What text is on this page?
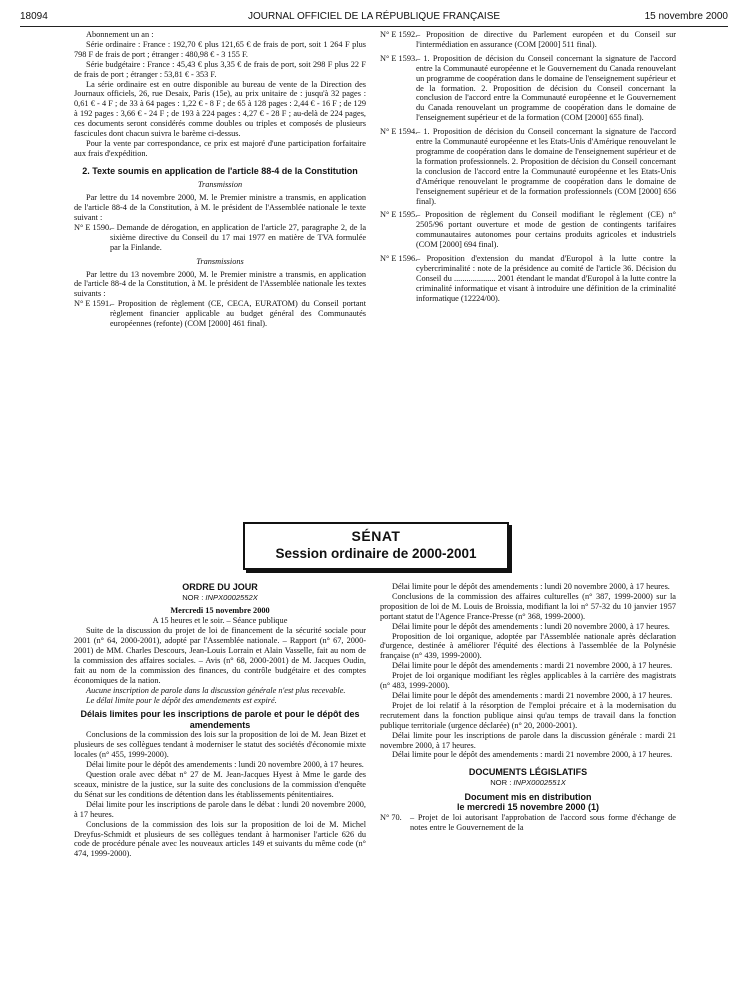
18094	JOURNAL OFFICIEL DE LA RÉPUBLIQUE FRANÇAISE	15 novembre 2000

Abonnement un an :

Série ordinaire : France : 192,70 € plus 121,65 € de frais de port, soit 1 264 F plus 798 F de frais de port ; étranger : 480,98 € - 3 155 F.

Série budgétaire : France : 45,43 € plus 3,35 € de frais de port, soit 298 F plus 22 F de frais de port ; étranger : 53,81 € - 353 F.

La série ordinaire est en outre disponible au bureau de vente de la Direction des Journaux officiels, 26, rue Desaix, Paris (15e), au prix unitaire de : jusqu'à 32 pages : 0,61 € - 4 F ; de 33 à 64 pages : 1,22 € - 8 F ; de 65 à 128 pages : 2,44 € - 16 F ; de 129 à 192 pages : 3,66 € - 24 F ; de 193 à 224 pages : 4,27 € - 28 F ; au-delà de 224 pages, ces documents seront considérés comme doubles ou triples et composés de plusieurs fascicules dont chacun suivra le barème ci-dessus.

Pour la vente par correspondance, ce prix est majoré d'une participation forfaitaire aux frais d'expédition.

2. Texte soumis en application de l'article 88-4 de la Constitution

Transmission

Par lettre du 14 novembre 2000, M. le Premier ministre a transmis, en application de l'article 88-4 de la Constitution, à M. le président de l'Assemblée nationale le texte suivant :

N° E 1590.

– Demande de dérogation, en application de l'article 27, paragraphe 2, de la sixième directive du Conseil du 17 mai 1977 en matière de TVA formulée par la Finlande.

Transmissions

Par lettre du 13 novembre 2000, M. le Premier ministre a transmis, en application de l'article 88-4 de la Constitution, à M. le président de l'Assemblée nationale les textes suivants :

N° E 1591.

– Proposition de règlement (CE, CECA, EURATOM) du Conseil portant règlement financier applicable au budget général des Communautés européennes (refonte) (COM [2000] 461 final).

N° E 1592.

– Proposition de directive du Parlement européen et du Conseil sur l'intermédiation en assurance (COM [2000] 511 final).

N° E 1593.

– 1. Proposition de décision du Conseil concernant la signature de l'accord entre la Communauté européenne et le Gouvernement du Canada renouvelant un programme de coopération dans le domaine de l'enseignement supérieur et de la formation. 2. Proposition de décision du Conseil concernant la conclusion de l'accord entre la Communauté européenne et le Gouvernement du Canada renouvelant un programme de coopération dans le domaine de l'enseignement supérieur et de la formation (COM [2000] 655 final).

N° E 1594.

– 1. Proposition de décision du Conseil concernant la signature de l'accord entre la Communauté européenne et les Etats-Unis d'Amérique renouvelant le programme de coopération dans le domaine de l'enseignement supérieur et de la formation professionnels. 2. Proposition de décision du Conseil concernant la conclusion de l'accord entre la Communauté européenne et les Etats-Unis d'Amérique renouvelant le programme de coopération dans le domaine de l'enseignement supérieur et de la formation professionnels (COM [2000] 656 final).

N° E 1595.

– Proposition de règlement du Conseil modifiant le règlement (CE) n° 2505/96 portant ouverture et mode de gestion de contingents tarifaires communautaires autonomes pour certains produits agricoles et industriels (COM [2000] 694 final).

N° E 1596.

– Proposition d'extension du mandat d'Europol à la lutte contre la cybercriminalité : note de la présidence au comité de l'article 36. Décision du Conseil du .................... 2001 étendant le mandat d'Europol à la lutte contre la criminalité informatique et visant à introduire une définition de la criminalité informatique (12224/00).

SÉNAT
Session ordinaire de 2000-2001

ORDRE DU JOUR

NOR : INPX0002552X

Mercredi 15 novembre 2000

A 15 heures et le soir. – Séance publique

Suite de la discussion du projet de loi de financement de la sécurité sociale pour 2001 (n° 64, 2000-2001), adopté par l'Assemblée nationale. – Rapport (n° 67, 2000-2001) de MM. Charles Descours, Jean-Louis Lorrain et Alain Vasselle, fait au nom de la commission des affaires sociales. – Avis (n° 68, 2000-2001) de M. Jacques Oudin, fait au nom de la commission des finances, du contrôle budgétaire et des comptes économiques de la nation.

Aucune inscription de parole dans la discussion générale n'est plus recevable.

Le délai limite pour le dépôt des amendements est expiré.

Délais limites pour les inscriptions de parole et pour le dépôt des amendements

Conclusions de la commission des lois sur la proposition de loi de M. Jean Bizet et plusieurs de ses collègues tendant à moderniser le statut des sociétés d'économie mixte locales (n° 455, 1999-2000).

Délai limite pour le dépôt des amendements : lundi 20 novembre 2000, à 17 heures.

Question orale avec débat n° 27 de M. Jean-Jacques Hyest à Mme le garde des sceaux, ministre de la justice, sur la suite des conclusions de la commission d'enquête du Sénat sur les conditions de détention dans les établissements pénitentiaires.

Délai limite pour les inscriptions de parole dans le débat : lundi 20 novembre 2000, à 17 heures.

Conclusions de la commission des lois sur la proposition de loi de M. Michel Dreyfus-Schmidt et plusieurs de ses collègues tendant à harmoniser l'article 626 du code de procédure pénale avec les nouveaux articles 149 et suivants du même code (n° 474, 1999-2000).

Délai limite pour le dépôt des amendements : lundi 20 novembre 2000, à 17 heures.

Conclusions de la commission des affaires culturelles (n° 387, 1999-2000) sur la proposition de loi de M. Louis de Broissia, modifiant la loi n° 57-32 du 10 janvier 1957 portant statut de l'Agence France-Presse (n° 368, 1999-2000).

Délai limite pour le dépôt des amendements : lundi 20 novembre 2000, à 17 heures.

Proposition de loi organique, adoptée par l'Assemblée nationale après déclaration d'urgence, destinée à améliorer l'équité des élections à l'assemblée de la Polynésie française (n° 439, 1999-2000).

Délai limite pour le dépôt des amendements : mardi 21 novembre 2000, à 17 heures.

Projet de loi organique modifiant les règles applicables à la carrière des magistrats (n° 483, 1999-2000).

Délai limite pour le dépôt des amendements : mardi 21 novembre 2000, à 17 heures.

Projet de loi relatif à la résorption de l'emploi précaire et à la modernisation du recrutement dans la fonction publique ainsi qu'au temps de travail dans la fonction publique territoriale (urgence déclarée) (n° 20, 2000-2001).

Délai limite pour les inscriptions de parole dans la discussion générale : mardi 21 novembre 2000, à 17 heures.

Délai limite pour le dépôt des amendements : mardi 21 novembre 2000, à 17 heures.

DOCUMENTS LÉGISLATIFS

NOR : INPX0002551X

Document mis en distribution

le mercredi 15 novembre 2000 (1)

N° 70. – Projet de loi autorisant l'approbation de l'accord sous forme d'échange de notes entre le Gouvernement de la
